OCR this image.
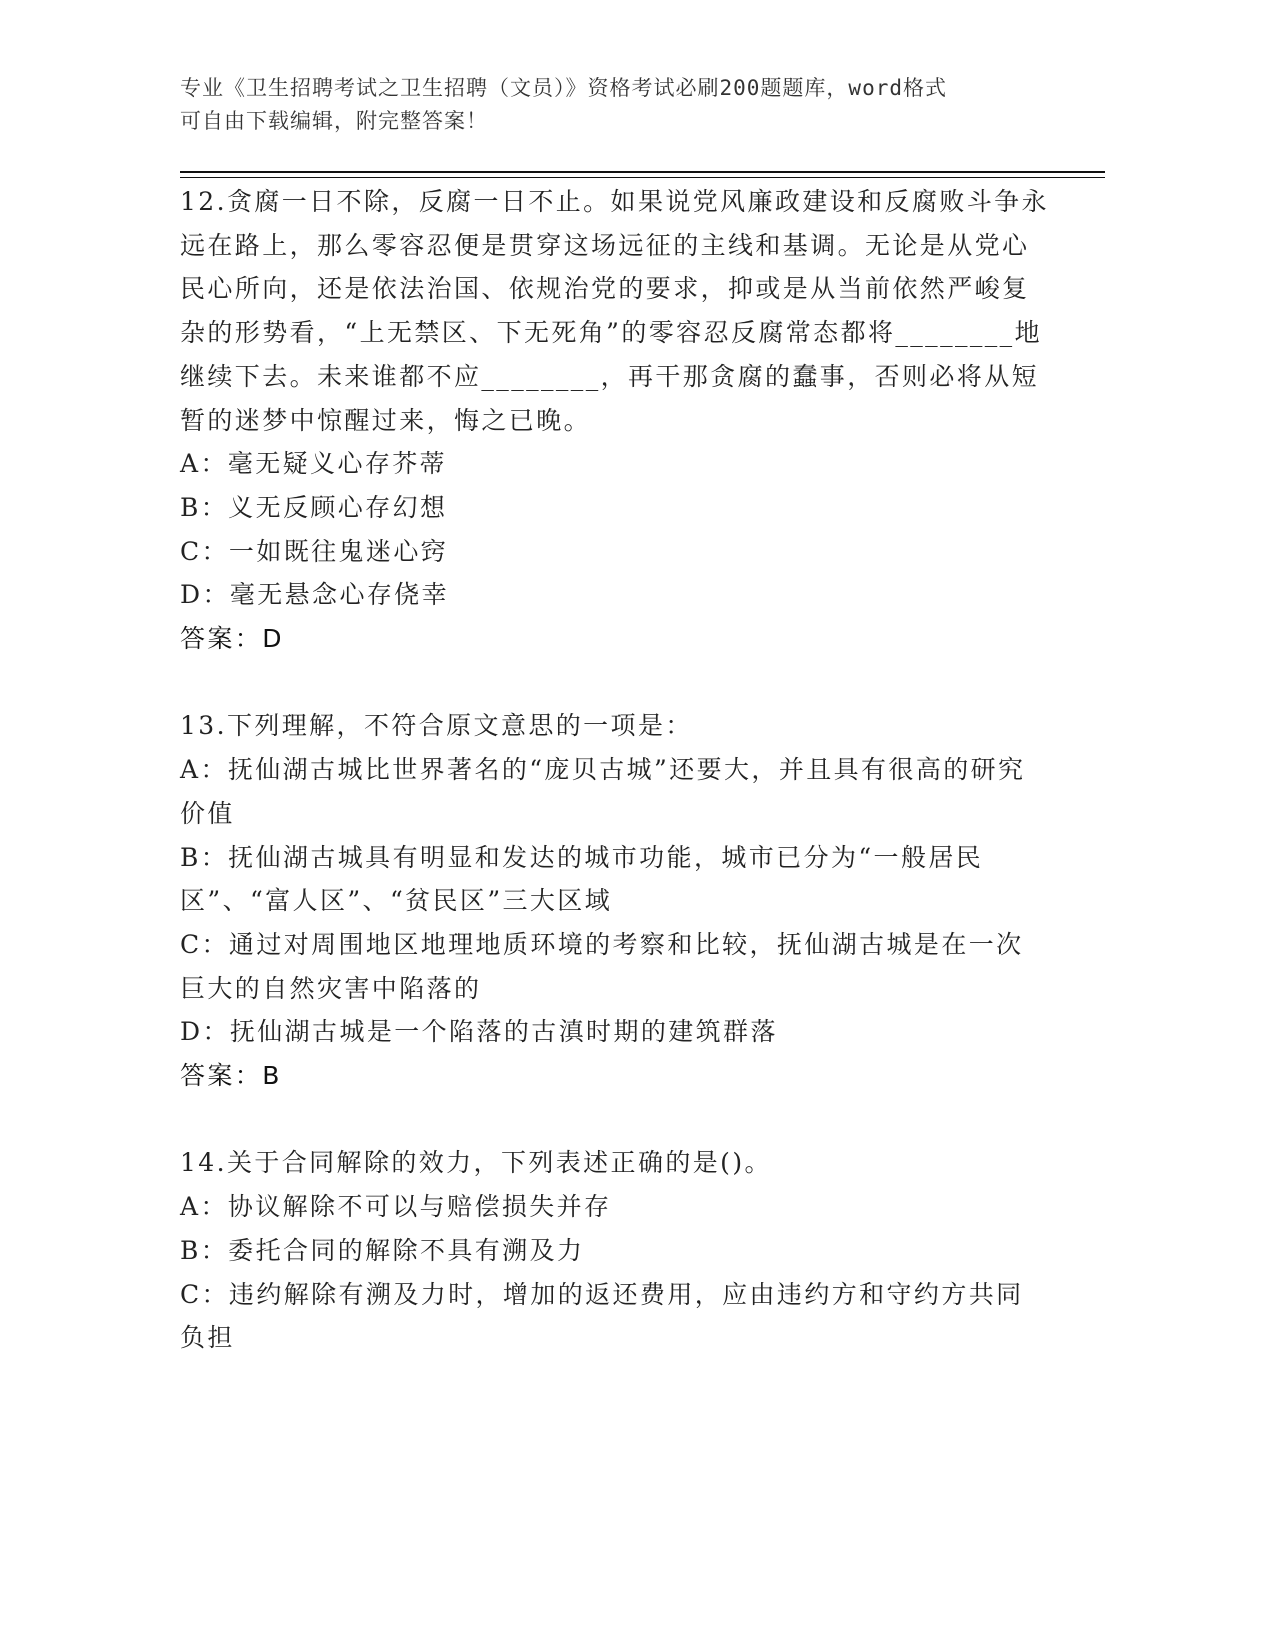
专业《卫生招聘考试之卫生招聘（文员）》资格考试必刷200题题库，word格式
可自由下载编辑，附完整答案！

12.贪腐一日不除，反腐一日不止。如果说党风廉政建设和反腐败斗争永远在路上，那么零容忍便是贯穿这场远征的主线和基调。无论是从党心民心所向，还是依法治国、依规治党的要求，抑或是从当前依然严峻复杂的形势看，“上无禁区、下无死角”的零容忍反腐常态都将________地继续下去。未来谁都不应________，再干那贪腐的蠢事，否则必将从短暂的迷梦中惊醒过来，悔之已晚。

A：毫无疑义心存芥蒂

B：义无反顾心存幻想

C：一如既往鬼迷心窍

D：毫无悬念心存侥幸

答案：D

13.下列理解，不符合原文意思的一项是：

A：抚仙湖古城比世界著名的“庞贝古城”还要大，并且具有很高的研究价值

B：抚仙湖古城具有明显和发达的城市功能，城市已分为“一般居民区”、“富人区”、“贫民区”三大区域

C：通过对周围地区地理地质环境的考察和比较，抚仙湖古城是在一次巨大的自然灾害中陷落的

D：抚仙湖古城是一个陷落的古滇时期的建筑群落

答案：B

14.关于合同解除的效力，下列表述正确的是()。

A：协议解除不可以与赔偿损失并存

B：委托合同的解除不具有溯及力

C：违约解除有溯及力时，增加的返还费用，应由违约方和守约方共同负担
